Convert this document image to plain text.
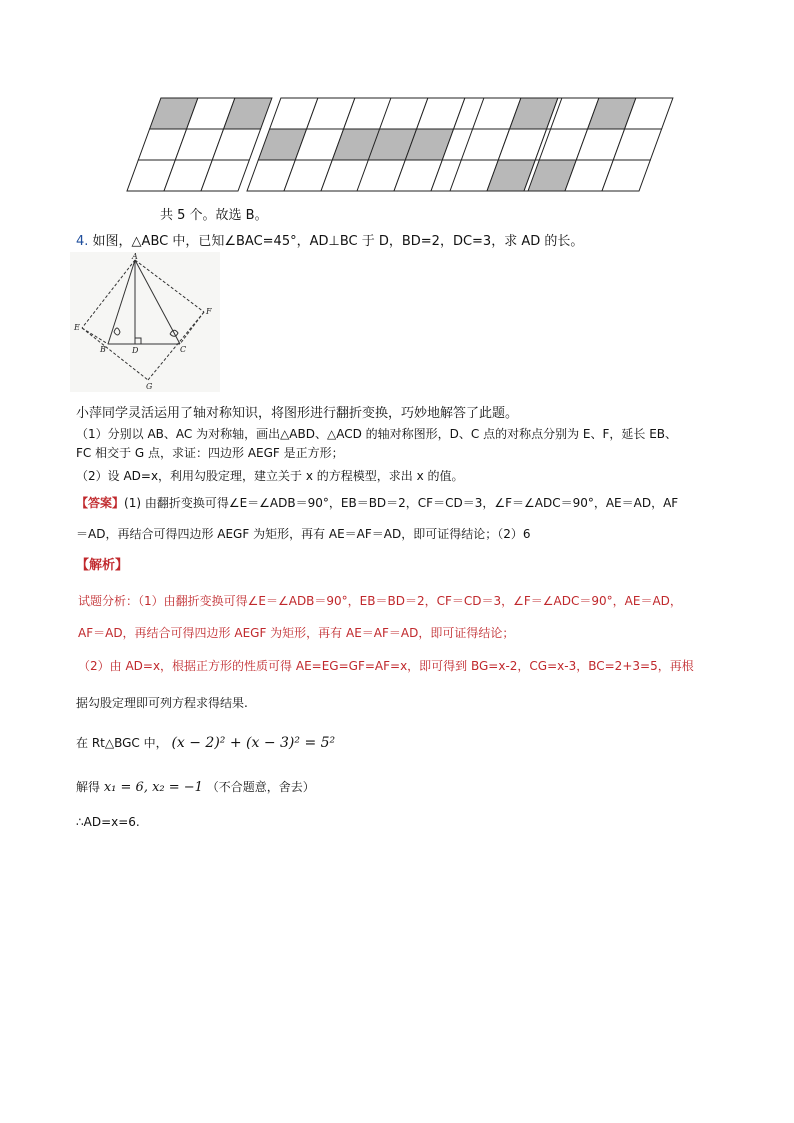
共 5 个。故选 B。
4. 如图，△ABC 中，已知∠BAC=45°，AD⊥BC 于 D，BD=2，DC=3，求 AD 的长。
A
B	C
D
E
F
G
小萍同学灵活运用了轴对称知识，将图形进行翻折变换，巧妙地解答了此题。
（1）分别以 AB、AC 为对称轴，画出△ABD、△ACD 的轴对称图形，D、C 点的对称点分别为 E、F，延长 EB、
FC 相交于 G 点，求证：四边形 AEGF 是正方形；
（2）设 AD=x，利用勾股定理，建立关于 x 的方程模型，求出 x 的值。
【答案】(1) 由翻折变换可得∠E＝∠ADB＝90°，EB＝BD＝2，CF＝CD＝3，∠F＝∠ADC＝90°，AE＝AD，AF
＝AD，再结合可得四边形 AEGF 为矩形，再有 AE＝AF＝AD，即可证得结论；（2）6
【解析】
试题分析：（1）由翻折变换可得∠E＝∠ADB＝90°，EB＝BD＝2，CF＝CD＝3，∠F＝∠ADC＝90°，AE＝AD，
AF＝AD，再结合可得四边形 AEGF 为矩形，再有 AE＝AF＝AD，即可证得结论；
（2）由 AD=x，根据正方形的性质可得 AE=EG=GF=AF=x，即可得到 BG=x-2，CG=x-3，BC=2+3=5，再根
据勾股定理即可列方程求得结果.
在 Rt△BGC 中， (x − 2)² + (x − 3)² = 5²
解得 x₁ = 6, x₂ = −1 （不合题意，舍去）
∴AD=x=6.
